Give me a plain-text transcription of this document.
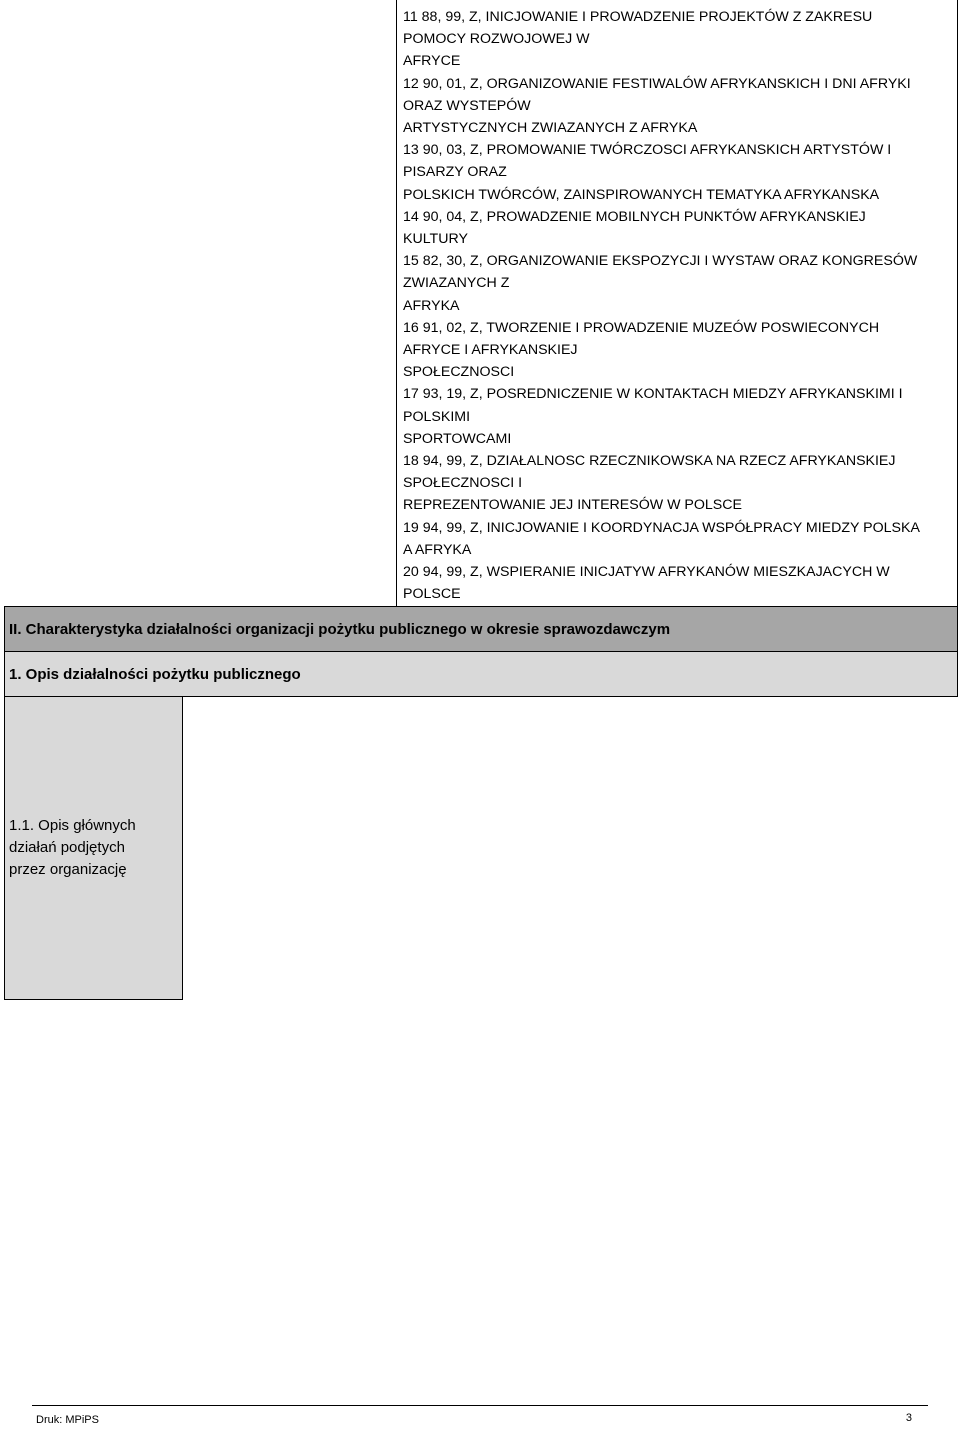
11 88, 99, Z, INICJOWANIE I PROWADZENIE PROJEKTÓW Z ZAKRESU
POMOCY ROZWOJOWEJ W
AFRYCE
12 90, 01, Z, ORGANIZOWANIE FESTIWALÓW AFRYKANSKICH I DNI AFRYKI
ORAZ WYSTEPÓW
ARTYSTYCZNYCH ZWIAZANYCH Z AFRYKA
13 90, 03, Z, PROMOWANIE TWÓRCZOSCI AFRYKANSKICH ARTYSTÓW I
PISARZY ORAZ
POLSKICH TWÓRCÓW, ZAINSPIROWANYCH TEMATYKA AFRYKANSKA
14 90, 04, Z, PROWADZENIE MOBILNYCH PUNKTÓW AFRYKANSKIEJ
KULTURY
15 82, 30, Z, ORGANIZOWANIE EKSPOZYCJI I WYSTAW ORAZ KONGRESÓW
ZWIAZANYCH Z
AFRYKA
16 91, 02, Z, TWORZENIE I PROWADZENIE MUZEÓW POSWIECONYCH
AFRYCE I AFRYKANSKIEJ
SPOŁECZNOSCI
17 93, 19, Z, POSREDNICZENIE W KONTAKTACH MIEDZY AFRYKANSKIMI I
POLSKIMI
SPORTOWCAMI
18 94, 99, Z, DZIAŁALNOSC RZECZNIKOWSKA NA RZECZ AFRYKANSKIEJ
SPOŁECZNOSCI I
REPREZENTOWANIE JEJ INTERESÓW W POLSCE
19 94, 99, Z, INICJOWANIE I KOORDYNACJA WSPÓŁPRACY MIEDZY POLSKA
A AFRYKA
20 94, 99, Z, WSPIERANIE INICJATYW AFRYKANÓW MIESZKAJACYCH W
POLSCE
II. Charakterystyka działalności organizacji pożytku publicznego w okresie sprawozdawczym
1. Opis działalności pożytku publicznego
1.1. Opis głównych
działań podjętych
przez organizację
Druk: MPiPS	3
